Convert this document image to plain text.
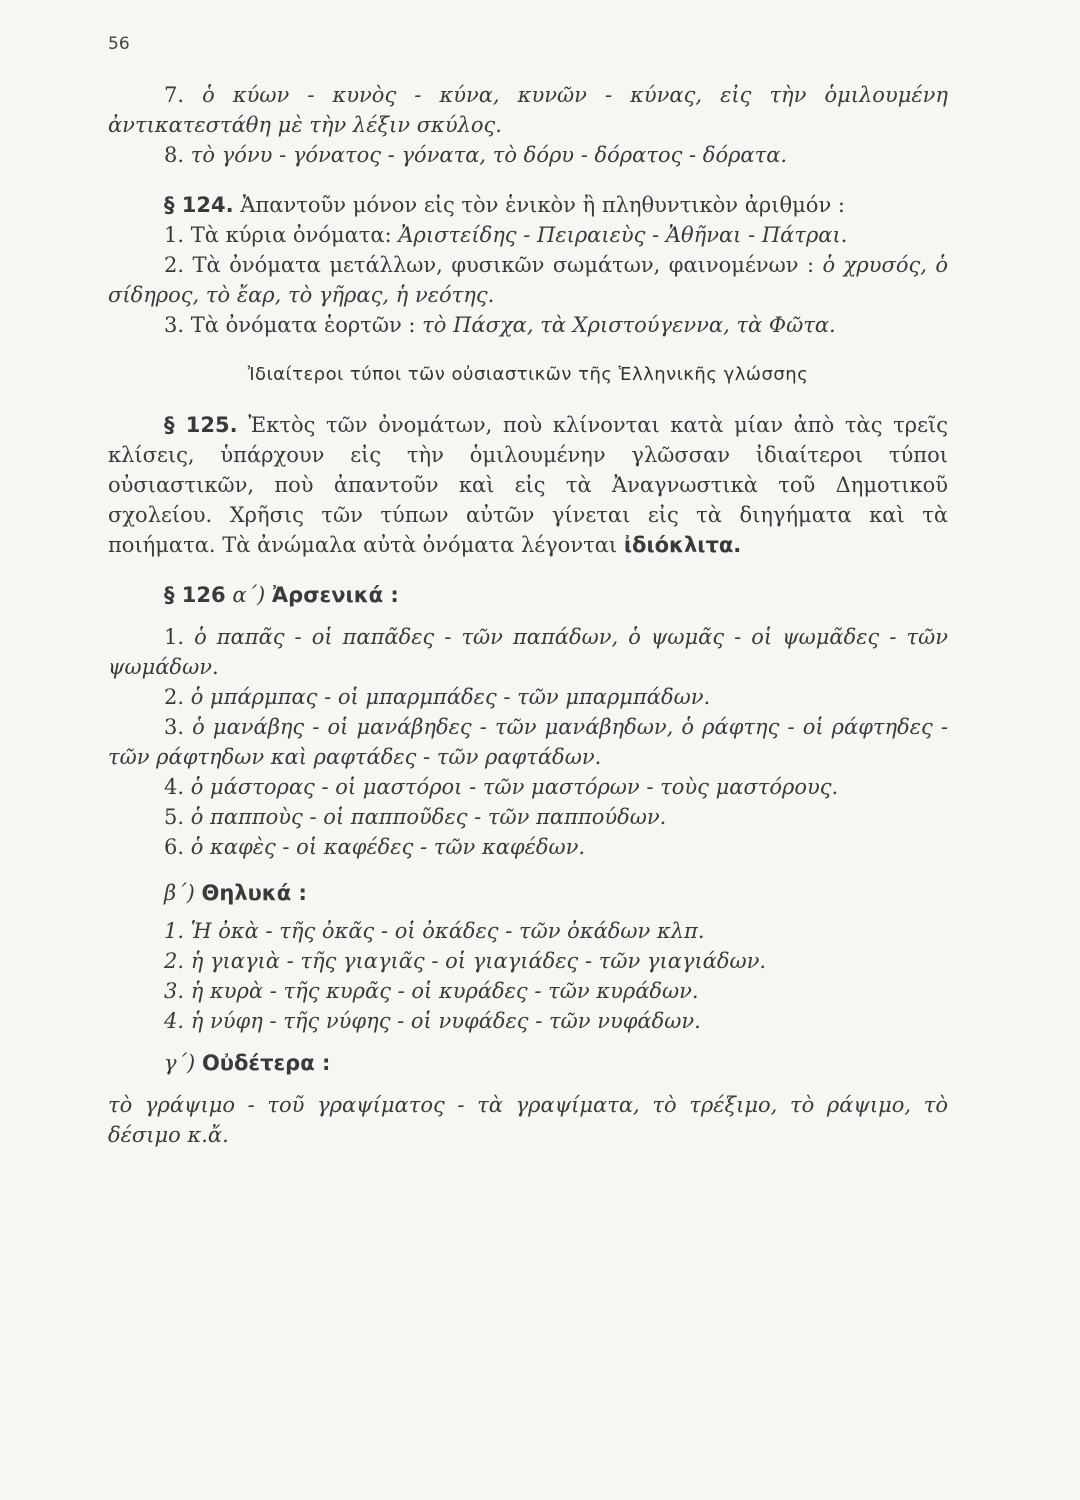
56

7. ὁ κύων - κυνὸς - κύνα, κυνῶν - κύνας, εἰς τὴν ὁμιλουμένη ἀντικατεστάθη μὲ τὴν λέξιν σκύλος.

8. τὸ γόνυ - γόνατος - γόνατα, τὸ δόρυ - δόρατος - δόρατα.

§ 124. Ἀπαντοῦν μόνον εἰς τὸν ἑνικὸν ἢ πληθυντικὸν ἀριθμόν :

1. Τὰ κύρια ὀνόματα: Ἀριστείδης - Πειραιεὺς - Ἀθῆναι - Πάτραι.

2. Τὰ ὀνόματα μετάλλων, φυσικῶν σωμάτων, φαινομένων : ὁ χρυσός, ὁ σίδηρος, τὸ ἔαρ, τὸ γῆρας, ἡ νεότης.

3. Τὰ ὀνόματα ἑορτῶν : τὸ Πάσχα, τὰ Χριστούγεννα, τὰ Φῶτα.

Ἰδιαίτεροι τύποι τῶν οὐσιαστικῶν τῆς Ἑλληνικῆς γλώσσης

§ 125. Ἐκτὸς τῶν ὀνομάτων, ποὺ κλίνονται κατὰ μίαν ἀπὸ τὰς τρεῖς κλίσεις, ὑπάρχουν εἰς τὴν ὁμιλουμένην γλῶσσαν ἰδιαίτεροι τύποι οὐσιαστικῶν, ποὺ ἀπαντοῦν καὶ εἰς τὰ Ἀναγνωστικὰ τοῦ Δημοτικοῦ σχολείου. Χρῆσις τῶν τύπων αὐτῶν γίνεται εἰς τὰ διηγήματα καὶ τὰ ποιήματα. Τὰ ἀνώμαλα αὐτὰ ὀνόματα λέγονται ἰδιόκλιτα.

§ 126 α΄) Ἀρσενικά :

1. ὁ παπᾶς - οἱ παπᾶδες - τῶν παπάδων, ὁ ψωμᾶς - οἱ ψωμᾶδες - τῶν ψωμάδων.

2. ὁ μπάρμπας - οἱ μπαρμπάδες - τῶν μπαρμπάδων.

3. ὁ μανάβης - οἱ μανάβηδες - τῶν μανάβηδων, ὁ ράφτης - οἱ ράφτηδες - τῶν ράφτηδων καὶ ραφτάδες - τῶν ραφτάδων.

4. ὁ μάστορας - οἱ μαστόροι - τῶν μαστόρων - τοὺς μαστόρους.

5. ὁ παπποὺς - οἱ παπποῦδες - τῶν παππούδων.

6. ὁ καφὲς - οἱ καφέδες - τῶν καφέδων.

β΄) Θηλυκά :

1. Ἡ ὀκὰ - τῆς ὀκᾶς - οἱ ὀκάδες - τῶν ὀκάδων κλπ.

2. ἡ γιαγιὰ - τῆς γιαγιᾶς - οἱ γιαγιάδες - τῶν γιαγιάδων.

3. ἡ κυρὰ - τῆς κυρᾶς - οἱ κυράδες - τῶν κυράδων.

4. ἡ νύφη - τῆς νύφης - οἱ νυφάδες - τῶν νυφάδων.

γ΄) Οὐδέτερα :

τὸ γράψιμο - τοῦ γραψίματος - τὰ γραψίματα, τὸ τρέξιμο, τὸ ράψιμο, τὸ δέσιμο κ.ἄ.
